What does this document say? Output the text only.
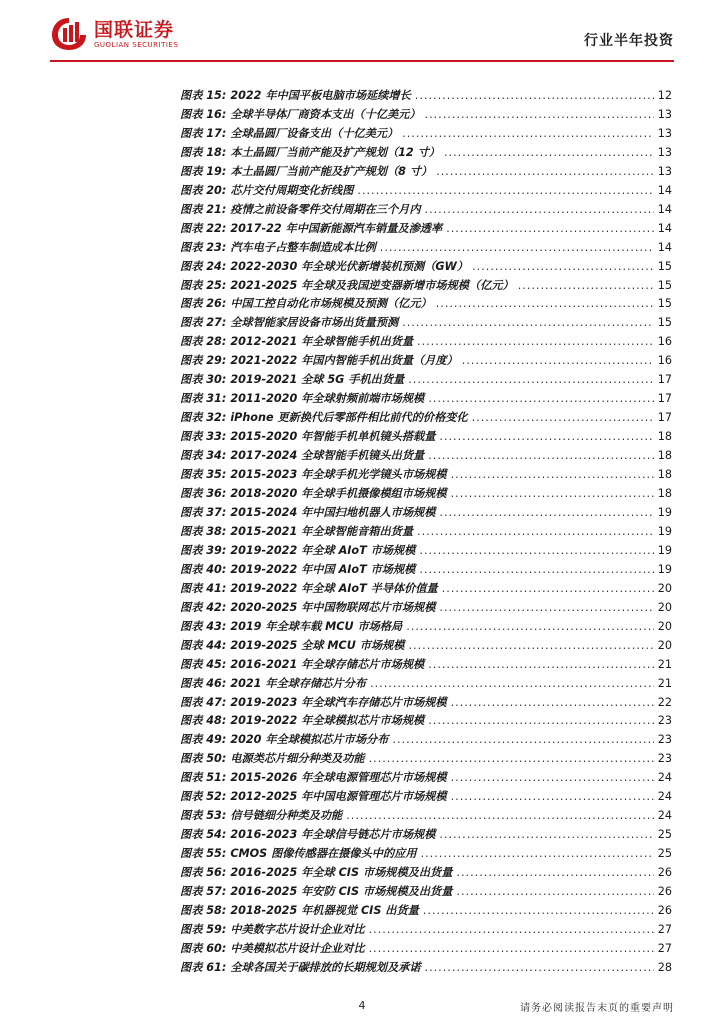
国联证券
GUOLIAN SECURITIES	行业半年投资
图表 15: 2022 年中国平板电脑市场延续增长 .....	12
图表 16: 全球半导体厂商资本支出（十亿美元） .....	13
图表 17: 全球晶圆厂设备支出（十亿美元） .....	13
图表 18: 本土晶圆厂当前产能及扩产规划（12 寸） .....	13
图表 19: 本土晶圆厂当前产能及扩产规划（8 寸） .....	13
图表 20: 芯片交付周期变化折线图 .....	14
图表 21: 疫情之前设备零件交付周期在三个月内 .....	14
图表 22: 2017-22 年中国新能源汽车销量及渗透率 .....	14
图表 23: 汽车电子占整车制造成本比例 .....	14
图表 24: 2022-2030 年全球光伏新增装机预测（GW） .....	15
图表 25: 2021-2025 年全球及我国逆变器新增市场规模（亿元） .....	15
图表 26: 中国工控自动化市场规模及预测（亿元） .....	15
图表 27: 全球智能家居设备市场出货量预测 .....	15
图表 28: 2012-2021 年全球智能手机出货量 .....	16
图表 29: 2021-2022 年国内智能手机出货量（月度） .....	16
图表 30: 2019-2021 全球 5G 手机出货量 .....	17
图表 31: 2011-2020 年全球射频前端市场规模 .....	17
图表 32: iPhone 更新换代后零部件相比前代的价格变化 .....	17
图表 33: 2015-2020 年智能手机单机镜头搭载量 .....	18
图表 34: 2017-2024 全球智能手机镜头出货量 .....	18
图表 35: 2015-2023 年全球手机光学镜头市场规模 .....	18
图表 36: 2018-2020 年全球手机摄像模组市场规模 .....	18
图表 37: 2015-2024 年中国扫地机器人市场规模 .....	19
图表 38: 2015-2021 年全球智能音箱出货量 .....	19
图表 39: 2019-2022 年全球 AIoT 市场规模 .....	19
图表 40: 2019-2022 年中国 AIoT 市场规模 .....	19
图表 41: 2019-2022 年全球 AIoT 半导体价值量 .....	20
图表 42: 2020-2025 年中国物联网芯片市场规模 .....	20
图表 43: 2019 年全球车载 MCU 市场格局 .....	20
图表 44: 2019-2025 全球 MCU 市场规模 .....	20
图表 45: 2016-2021 年全球存储芯片市场规模 .....	21
图表 46: 2021 年全球存储芯片分布 .....	21
图表 47: 2019-2023 年全球汽车存储芯片市场规模 .....	22
图表 48: 2019-2022 年全球模拟芯片市场规模 .....	23
图表 49: 2020 年全球模拟芯片市场分布 .....	23
图表 50: 电源类芯片细分种类及功能 .....	23
图表 51: 2015-2026 年全球电源管理芯片市场规模 .....	24
图表 52: 2012-2025 年中国电源管理芯片市场规模 .....	24
图表 53: 信号链细分种类及功能 .....	24
图表 54: 2016-2023 年全球信号链芯片市场规模 .....	25
图表 55: CMOS 图像传感器在摄像头中的应用 .....	25
图表 56: 2016-2025 年全球 CIS 市场规模及出货量 .....	26
图表 57: 2016-2025 年安防 CIS 市场规模及出货量 .....	26
图表 58: 2018-2025 年机器视觉 CIS 出货量 .....	26
图表 59: 中美数字芯片设计企业对比 .....	27
图表 60: 中美模拟芯片设计企业对比 .....	27
图表 61: 全球各国关于碳排放的长期规划及承诺 .....	28
4	请务必阅读报告末页的重要声明
